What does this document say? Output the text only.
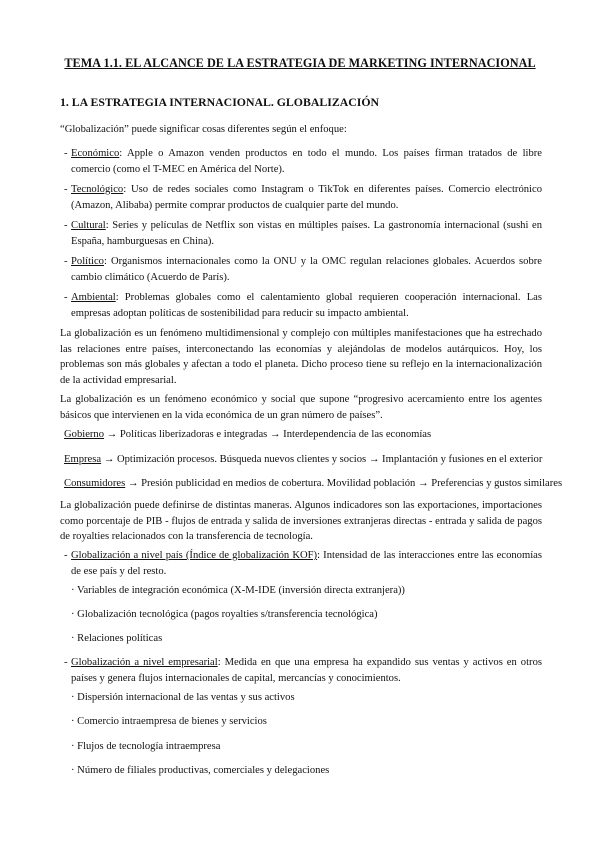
TEMA 1.1. EL ALCANCE DE LA ESTRATEGIA DE MARKETING INTERNACIONAL
1. LA ESTRATEGIA INTERNACIONAL. GLOBALIZACIÓN
“Globalización” puede significar cosas diferentes según el enfoque:
- Económico: Apple o Amazon venden productos en todo el mundo. Los países firman tratados de libre comercio (como el T-MEC en América del Norte).
- Tecnológico: Uso de redes sociales como Instagram o TikTok en diferentes países. Comercio electrónico (Amazon, Alibaba) permite comprar productos de cualquier parte del mundo.
- Cultural: Series y películas de Netflix son vistas en múltiples países. La gastronomía internacional (sushi en España, hamburguesas en China).
- Político: Organismos internacionales como la ONU y la OMC regulan relaciones globales. Acuerdos sobre cambio climático (Acuerdo de París).
- Ambiental: Problemas globales como el calentamiento global requieren cooperación internacional. Las empresas adoptan políticas de sostenibilidad para reducir su impacto ambiental.
La globalización es un fenómeno multidimensional y complejo con múltiples manifestaciones que ha estrechado las relaciones entre países, interconectando las economías y alejándolas de modelos autárquicos. Hoy, los problemas son más globales y afectan a todo el planeta. Dicho proceso tiene su reflejo en la internacionalización de la actividad empresarial.
La globalización es un fenómeno económico y social que supone “progresivo acercamiento entre los agentes básicos que intervienen en la vida económica de un gran número de países”.
Gobierno → Políticas liberizadoras e integradas → Interdependencia de las economías
Empresa → Optimización procesos. Búsqueda nuevos clientes y socios → Implantación y fusiones en el exterior
Consumidores → Presión publicidad en medios de cobertura. Movilidad población → Preferencias y gustos similares
La globalización puede definirse de distintas maneras. Algunos indicadores son las exportaciones, importaciones como porcentaje de PIB - flujos de entrada y salida de inversiones extranjeras directas - entrada y salida de pagos de royalties relacionados con la transferencia de tecnología.
- Globalización a nivel país (Índice de globalización KOF): Intensidad de las interacciones entre las economías de ese país y del resto.
· Variables de integración económica (X-M-IDE (inversión directa extranjera))
· Globalización tecnológica (pagos royalties s/transferencia tecnológica)
· Relaciones políticas
- Globalización a nivel empresarial: Medida en que una empresa ha expandido sus ventas y activos en otros países y genera flujos internacionales de capital, mercancías y conocimientos.
· Dispersión internacional de las ventas y sus activos
· Comercio intraempresa de bienes y servicios
· Flujos de tecnología intraempresa
· Número de filiales productivas, comerciales y delegaciones
